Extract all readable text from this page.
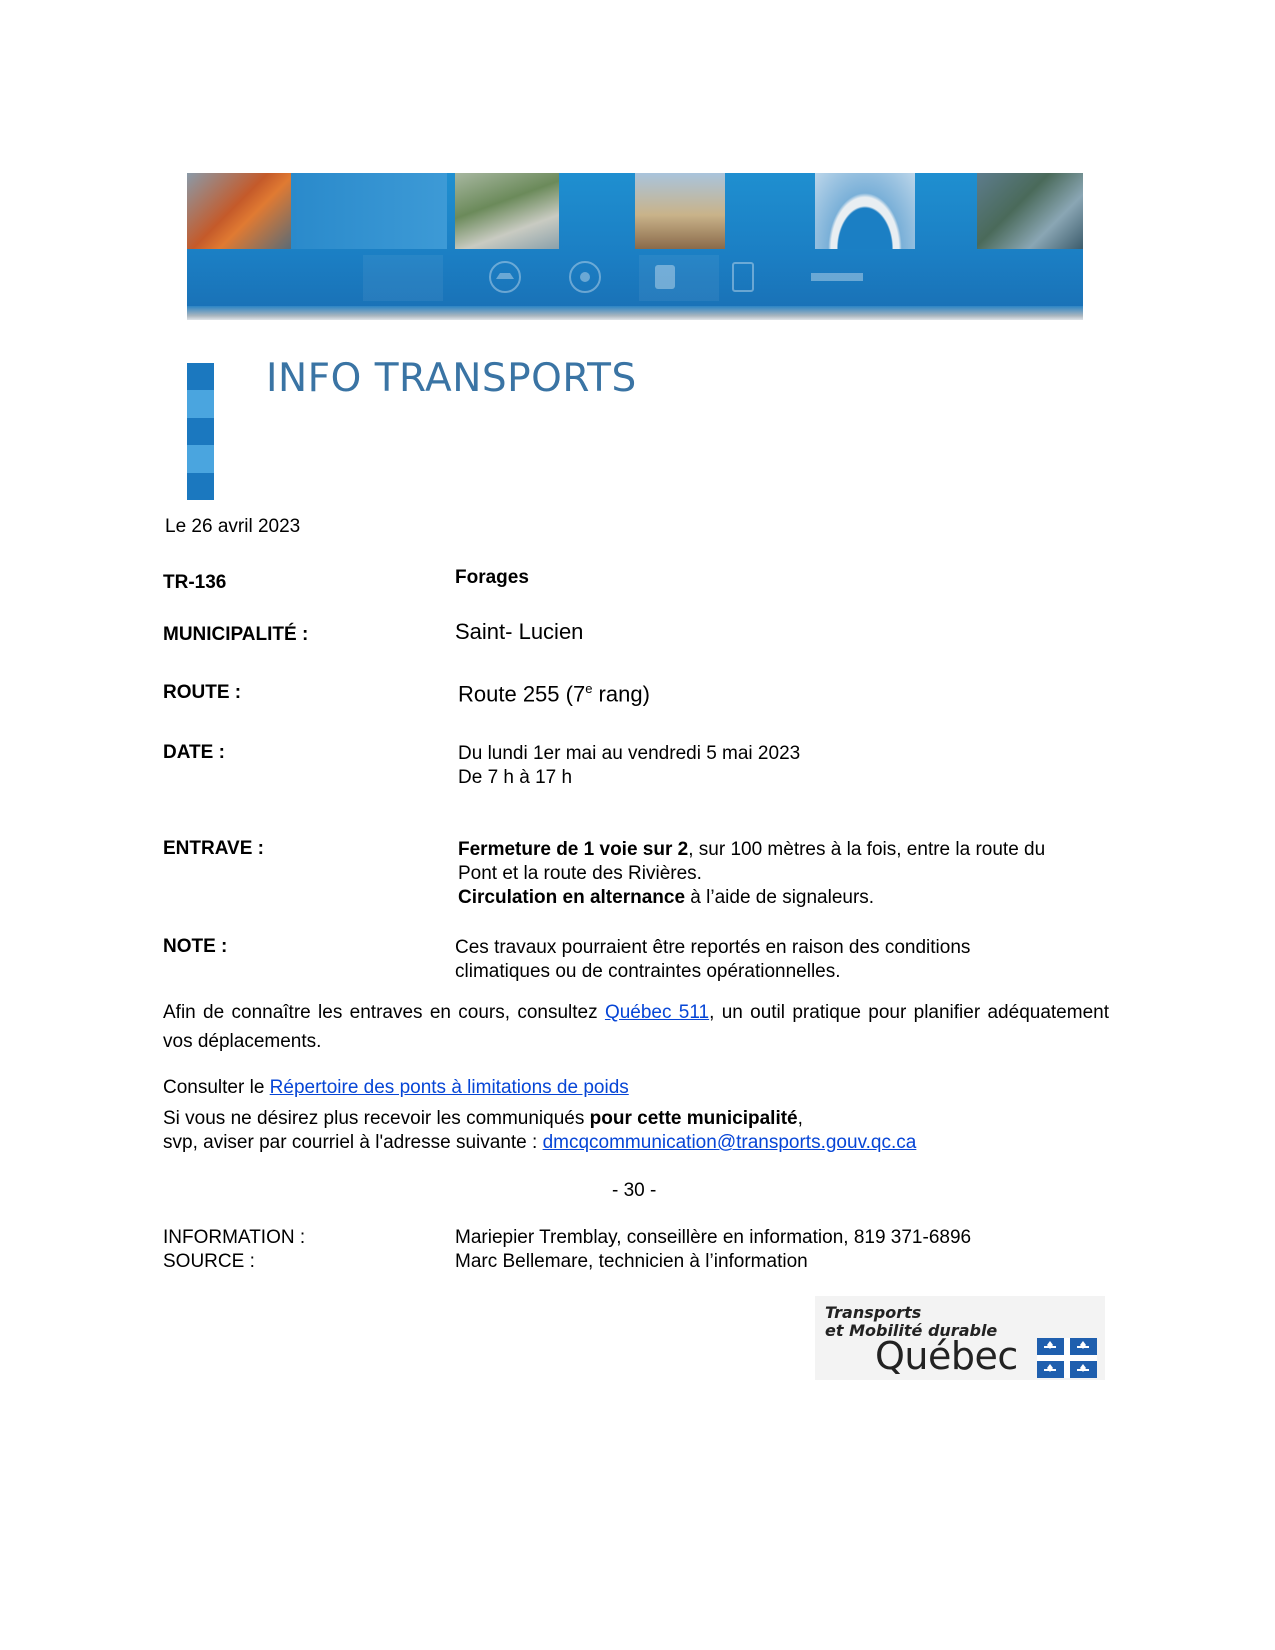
INFO TRANSPORTS
Le 26 avril 2023
TR-136	Forages
MUNICIPALITÉ :	Saint- Lucien
ROUTE :	Route 255 (7e rang)
DATE :	Du lundi 1er mai au vendredi 5 mai 2023
De 7 h à 17 h
ENTRAVE :	Fermeture de 1 voie sur 2, sur 100 mètres à la fois, entre la route du
Pont et la route des Rivières.
Circulation en alternance à l’aide de signaleurs.
NOTE :	Ces travaux pourraient être reportés en raison des conditions
climatiques ou de contraintes opérationnelles.
Afin de connaître les entraves en cours, consultez Québec 511, un outil pratique pour planifier adéquatement vos déplacements.
Consulter le Répertoire des ponts à limitations de poids
Si vous ne désirez plus recevoir les communiqués pour cette municipalité,
svp, aviser par courriel à l'adresse suivante : dmcqcommunication@transports.gouv.qc.ca
- 30 -
INFORMATION :	Mariepier Tremblay, conseillère en information, 819 371-6896
SOURCE :	Marc Bellemare, technicien à l’information
Transports
et Mobilité durable
Québec
